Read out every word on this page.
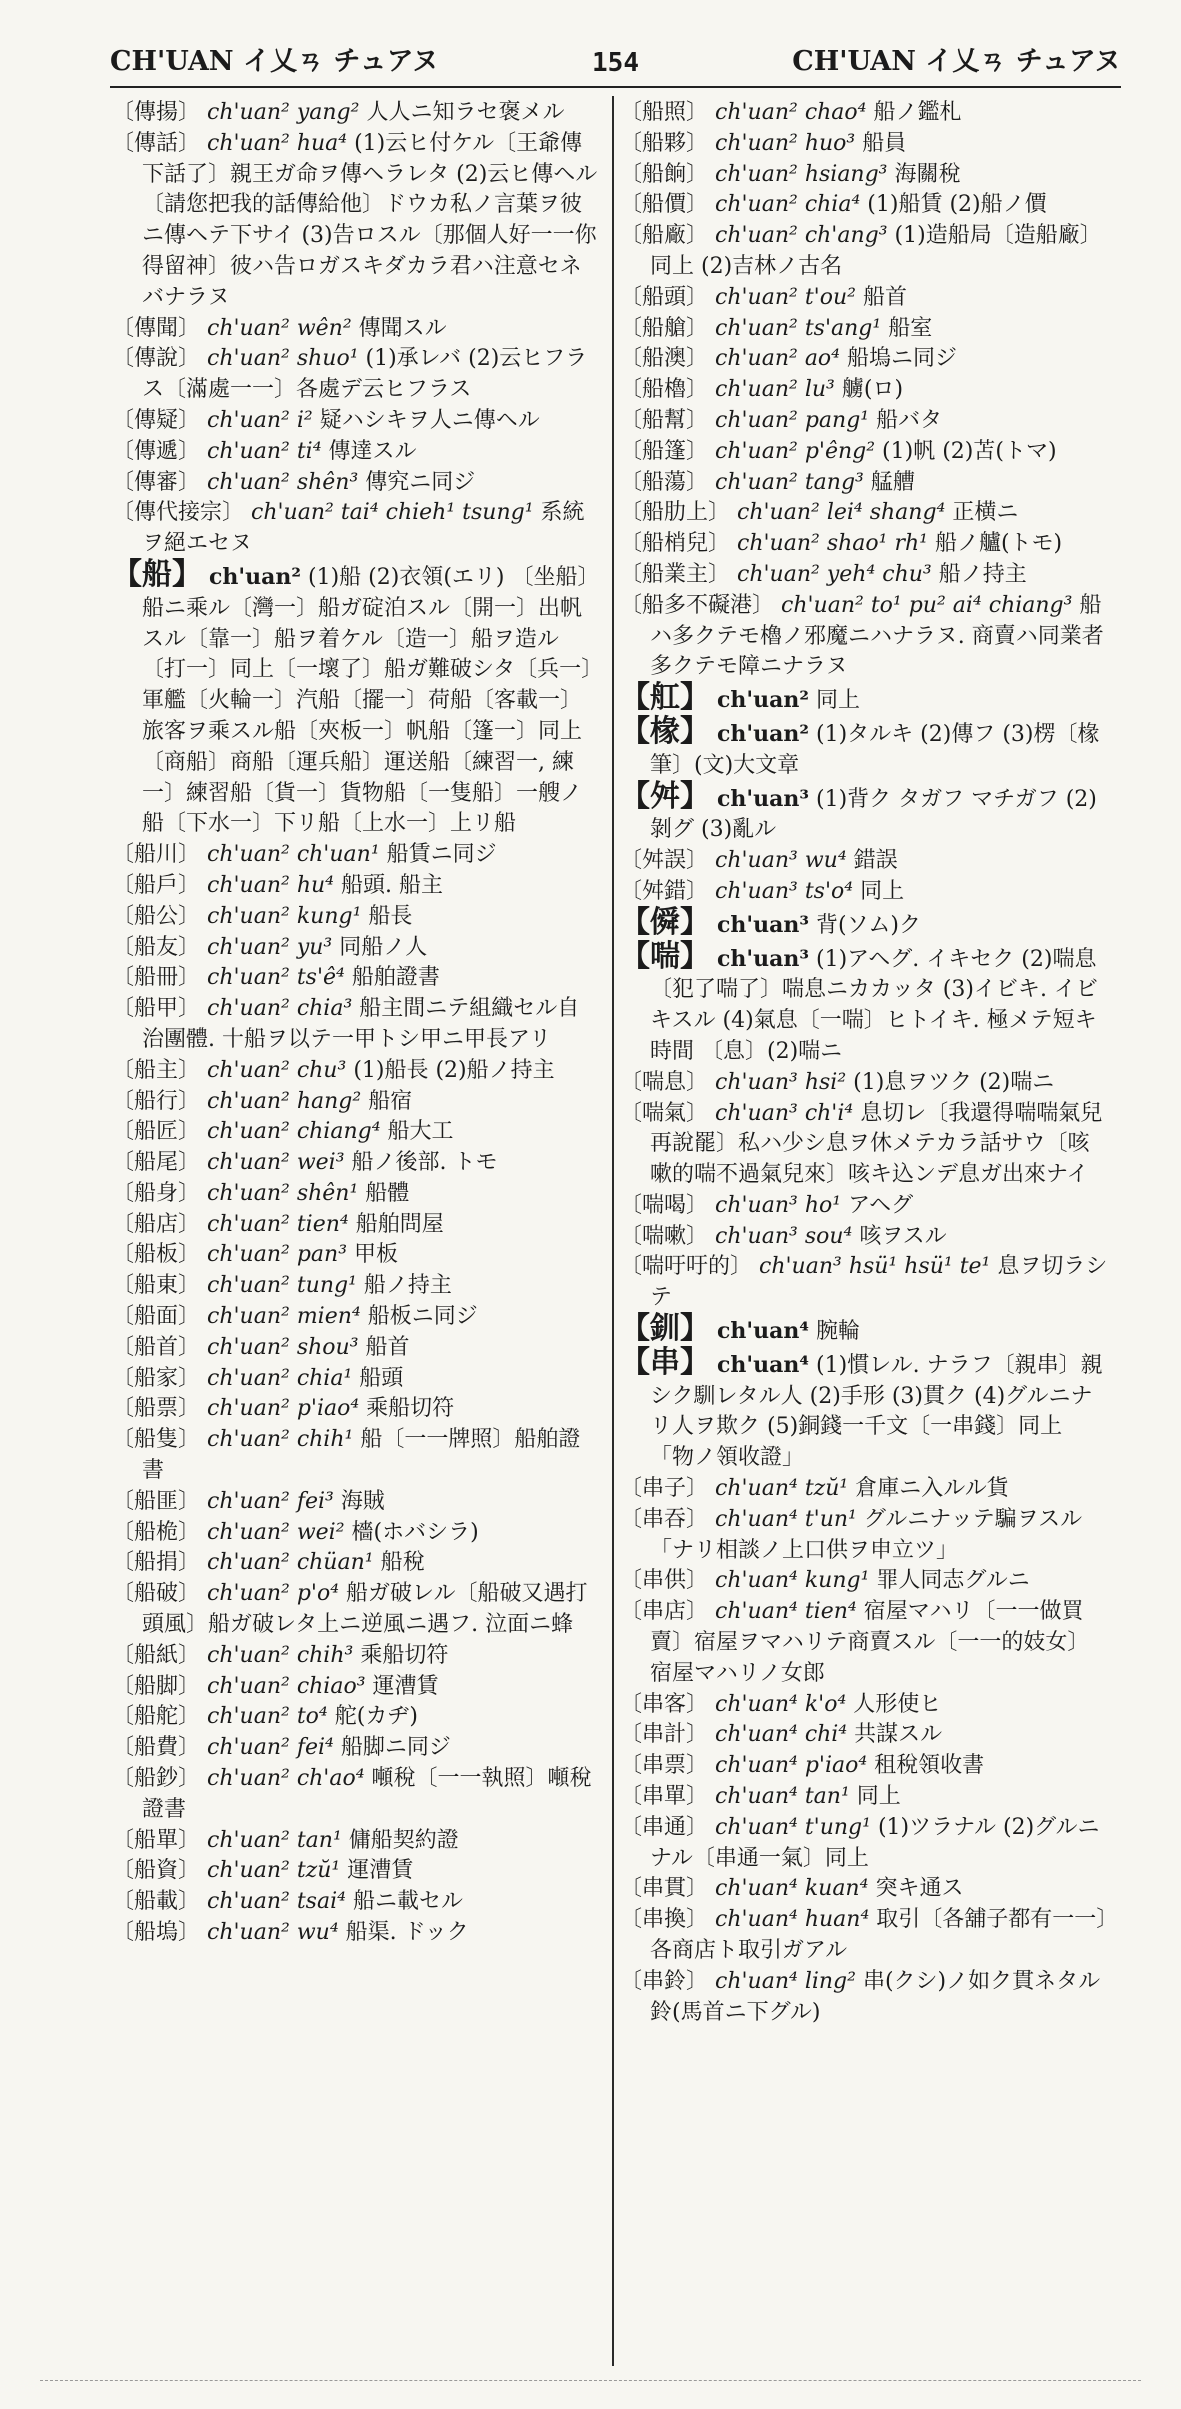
CH'UAN イ乂ㄢ チュアヌ	154	CH'UAN イ乂ㄢ チュアヌ

〔傳揚〕 ch'uan² yang² 人人ニ知ラセ褒メル

〔傳話〕 ch'uan² hua⁴ (1)云ヒ付ケル〔王爺傳下話了〕親王ガ命ヲ傳ヘラレタ (2)云ヒ傳ヘル〔請您把我的話傳給他〕ドウカ私ノ言葉ヲ彼ニ傳ヘテ下サイ (3)告ロスル〔那個人好一一你得留神〕彼ハ告ロガスキダカラ君ハ注意セネバナラヌ

〔傳聞〕 ch'uan² wên² 傳聞スル

〔傳說〕 ch'uan² shuo¹ (1)承レバ (2)云ヒフラス〔滿處一一〕各處デ云ヒフラス

〔傳疑〕 ch'uan² i² 疑ハシキヲ人ニ傳ヘル

〔傳遞〕 ch'uan² ti⁴ 傳達スル

〔傳審〕 ch'uan² shên³ 傳究ニ同ジ

〔傳代接宗〕 ch'uan² tai⁴ chieh¹ tsung¹ 系統ヲ絕エセヌ

【船】 ch'uan² (1)船 (2)衣領(エリ) 〔坐船〕船ニ乘ル〔灣一〕船ガ碇泊スル〔開一〕出帆スル〔靠一〕船ヲ着ケル〔造一〕船ヲ造ル〔打一〕同上〔一壞了〕船ガ難破シタ〔兵一〕軍艦〔火輪一〕汽船〔擺一〕荷船〔客載一〕旅客ヲ乘スル船〔夾板一〕帆船〔篷一〕同上〔商船〕商船〔運兵船〕運送船〔練習一, 練一〕練習船〔貨一〕貨物船〔一隻船〕一艘ノ船〔下水一〕下リ船〔上水一〕上リ船

〔船川〕 ch'uan² ch'uan¹ 船賃ニ同ジ

〔船戶〕 ch'uan² hu⁴ 船頭. 船主

〔船公〕 ch'uan² kung¹ 船長

〔船友〕 ch'uan² yu³ 同船ノ人

〔船冊〕 ch'uan² ts'ê⁴ 船舶證書

〔船甲〕 ch'uan² chia³ 船主間ニテ組織セル自治團體. 十船ヲ以テ一甲トシ甲ニ甲長アリ

〔船主〕 ch'uan² chu³ (1)船長 (2)船ノ持主

〔船行〕 ch'uan² hang² 船宿

〔船匠〕 ch'uan² chiang⁴ 船大工

〔船尾〕 ch'uan² wei³ 船ノ後部. トモ

〔船身〕 ch'uan² shên¹ 船體

〔船店〕 ch'uan² tien⁴ 船舶問屋

〔船板〕 ch'uan² pan³ 甲板

〔船東〕 ch'uan² tung¹ 船ノ持主

〔船面〕 ch'uan² mien⁴ 船板ニ同ジ

〔船首〕 ch'uan² shou³ 船首

〔船家〕 ch'uan² chia¹ 船頭

〔船票〕 ch'uan² p'iao⁴ 乘船切符

〔船隻〕 ch'uan² chih¹ 船〔一一牌照〕船舶證書

〔船匪〕 ch'uan² fei³ 海賊

〔船桅〕 ch'uan² wei² 檣(ホバシラ)

〔船捐〕 ch'uan² chüan¹ 船稅

〔船破〕 ch'uan² p'o⁴ 船ガ破レル〔船破又遇打頭風〕船ガ破レタ上ニ逆風ニ遇フ. 泣面ニ蜂

〔船紙〕 ch'uan² chih³ 乘船切符

〔船脚〕 ch'uan² chiao³ 運漕賃

〔船舵〕 ch'uan² to⁴ 舵(カヂ)

〔船費〕 ch'uan² fei⁴ 船脚ニ同ジ

〔船鈔〕 ch'uan² ch'ao⁴ 噸稅〔一一執照〕噸稅證書

〔船單〕 ch'uan² tan¹ 傭船契約證

〔船資〕 ch'uan² tzŭ¹ 運漕賃

〔船載〕 ch'uan² tsai⁴ 船ニ載セル

〔船塢〕 ch'uan² wu⁴ 船渠. ドック

〔船照〕 ch'uan² chao⁴ 船ノ鑑札

〔船夥〕 ch'uan² huo³ 船員

〔船餉〕 ch'uan² hsiang³ 海關稅

〔船價〕 ch'uan² chia⁴ (1)船賃 (2)船ノ價

〔船廠〕 ch'uan² ch'ang³ (1)造船局〔造船廠〕同上 (2)吉林ノ古名

〔船頭〕 ch'uan² t'ou² 船首

〔船艙〕 ch'uan² ts'ang¹ 船室

〔船澳〕 ch'uan² ao⁴ 船塢ニ同ジ

〔船櫓〕 ch'uan² lu³ 艣(ロ)

〔船幫〕 ch'uan² pang¹ 船バタ

〔船篷〕 ch'uan² p'êng² (1)帆 (2)苫(トマ)

〔船蕩〕 ch'uan² tang³ 艋艚

〔船肋上〕 ch'uan² lei⁴ shang⁴ 正横ニ

〔船梢兒〕 ch'uan² shao¹ rh¹ 船ノ艫(トモ)

〔船業主〕 ch'uan² yeh⁴ chu³ 船ノ持主

〔船多不礙港〕 ch'uan² to¹ pu² ai⁴ chiang³ 船ハ多クテモ櫓ノ邪魔ニハナラヌ. 商賣ハ同業者多クテモ障ニナラヌ

【舡】 ch'uan² 同上

【椽】 ch'uan² (1)タルキ (2)傳フ (3)楞〔椽筆〕(文)大文章

【舛】 ch'uan³ (1)背ク タガフ マチガフ (2)剝グ (3)亂ル

〔舛誤〕 ch'uan³ wu⁴ 錯誤

〔舛錯〕 ch'uan³ ts'o⁴ 同上

【僢】 ch'uan³ 背(ソム)ク

【喘】 ch'uan³ (1)アヘグ. イキセク (2)喘息〔犯了喘了〕喘息ニカカッタ (3)イビキ. イビキスル (4)氣息〔一喘〕ヒトイキ. 極メテ短キ時間 〔息〕(2)喘ニ

〔喘息〕 ch'uan³ hsi² (1)息ヲツク (2)喘ニ

〔喘氣〕 ch'uan³ ch'i⁴ 息切レ〔我還得喘喘氣兒再說罷〕私ハ少シ息ヲ休メテカラ話サウ〔咳嗽的喘不過氣兒來〕咳キ込ンデ息ガ出來ナイ

〔喘喝〕 ch'uan³ ho¹ アヘグ

〔喘嗽〕 ch'uan³ sou⁴ 咳ヲスル

〔喘吁吁的〕 ch'uan³ hsü¹ hsü¹ te¹ 息ヲ切ラシテ

【釧】 ch'uan⁴ 腕輪

【串】 ch'uan⁴ (1)慣レル. ナラフ〔親串〕親シク馴レタル人 (2)手形 (3)貫ク (4)グルニナリ人ヲ欺ク (5)銅錢一千文〔一串錢〕同上 「物ノ領收證」

〔串子〕 ch'uan⁴ tzŭ¹ 倉庫ニ入ルル貨

〔串吞〕 ch'uan⁴ t'un¹ グルニナッテ騙ヲスル 「ナリ相談ノ上口供ヲ申立ツ」

〔串供〕 ch'uan⁴ kung¹ 罪人同志グルニ

〔串店〕 ch'uan⁴ tien⁴ 宿屋マハリ〔一一做買賣〕宿屋ヲマハリテ商賣スル〔一一的妓女〕宿屋マハリノ女郎

〔串客〕 ch'uan⁴ k'o⁴ 人形使ヒ

〔串計〕 ch'uan⁴ chi⁴ 共謀スル

〔串票〕 ch'uan⁴ p'iao⁴ 租稅領收書

〔串單〕 ch'uan⁴ tan¹ 同上

〔串通〕 ch'uan⁴ t'ung¹ (1)ツラナル (2)グルニナル〔串通一氣〕同上

〔串貫〕 ch'uan⁴ kuan⁴ 突キ通ス

〔串換〕 ch'uan⁴ huan⁴ 取引〔各舖子都有一一〕各商店ト取引ガアル

〔串鈴〕 ch'uan⁴ ling² 串(クシ)ノ如ク貫ネタル鈴(馬首ニ下グル)
